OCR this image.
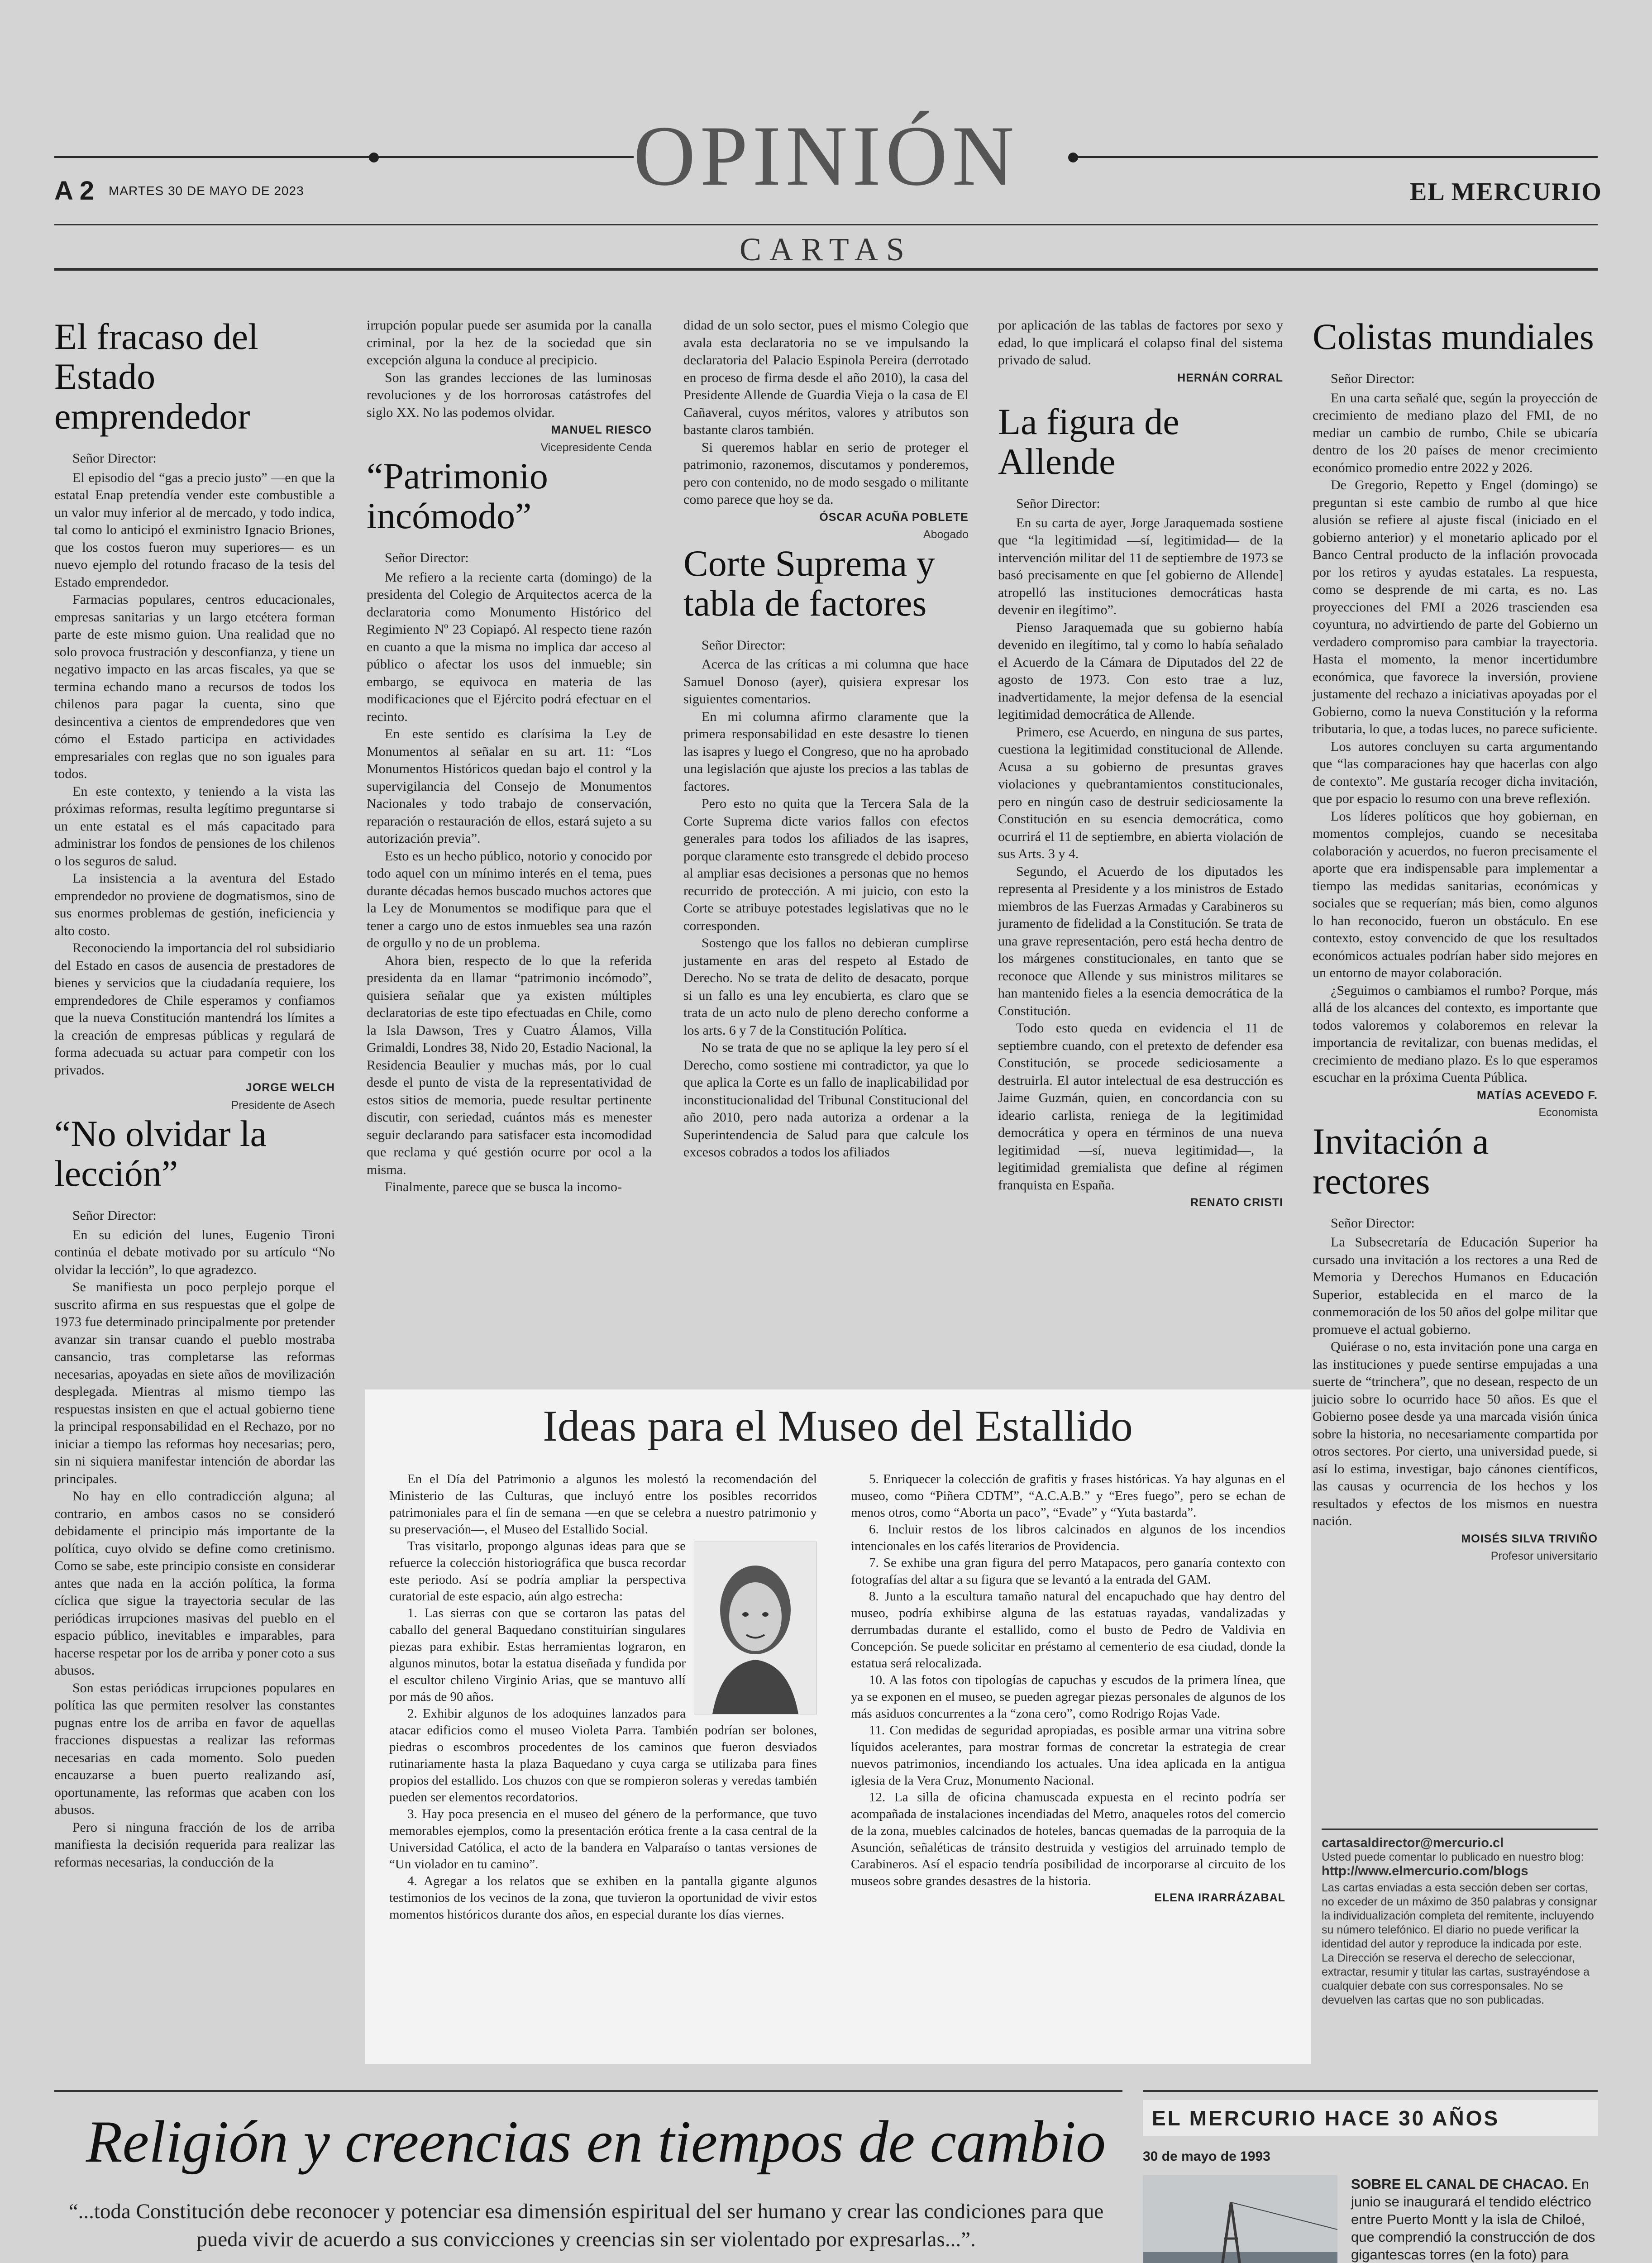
OPINIÓN
A 2 MARTES 30 DE MAYO DE 2023	EL MERCURIO
CARTAS
El fracaso del Estado emprendedor

Señor Director:

El episodio del “gas a precio justo” —en que la estatal Enap pretendía vender este combustible a un valor muy inferior al de mercado, y todo indica, tal como lo anticipó el exministro Ignacio Briones, que los costos fueron muy superiores— es un nuevo ejemplo del rotundo fracaso de la tesis del Estado emprendedor.

Farmacias populares, centros educacionales, empresas sanitarias y un largo etcétera forman parte de este mismo guion. Una realidad que no solo provoca frustración y desconfianza, y tiene un negativo impacto en las arcas fiscales, ya que se termina echando mano a recursos de todos los chilenos para pagar la cuenta, sino que desincentiva a cientos de emprendedores que ven cómo el Estado participa en actividades empresariales con reglas que no son iguales para todos.

En este contexto, y teniendo a la vista las próximas reformas, resulta legítimo preguntarse si un ente estatal es el más capacitado para administrar los fondos de pensiones de los chilenos o los seguros de salud.

La insistencia a la aventura del Estado emprendedor no proviene de dogmatismos, sino de sus enormes problemas de gestión, ineficiencia y alto costo.

Reconociendo la importancia del rol subsidiario del Estado en casos de ausencia de prestadores de bienes y servicios que la ciudadanía requiere, los emprendedores de Chile esperamos y confiamos que la nueva Constitución mantendrá los límites a la creación de empresas públicas y regulará de forma adecuada su actuar para competir con los privados.

JORGE WELCH

Presidente de Asech

“No olvidar la lección”

Señor Director:

En su edición del lunes, Eugenio Tironi continúa el debate motivado por su artículo “No olvidar la lección”, lo que agradezco.

Se manifiesta un poco perplejo porque el suscrito afirma en sus respuestas que el golpe de 1973 fue determinado principalmente por pretender avanzar sin transar cuando el pueblo mostraba cansancio, tras completarse las reformas necesarias, apoyadas en siete años de movilización desplegada. Mientras al mismo tiempo las respuestas insisten en que el actual gobierno tiene la principal responsabilidad en el Rechazo, por no iniciar a tiempo las reformas hoy necesarias; pero, sin ni siquiera manifestar intención de abordar las principales.

No hay en ello contradicción alguna; al contrario, en ambos casos no se consideró debidamente el principio más importante de la política, cuyo olvido se define como cretinismo. Como se sabe, este principio consiste en considerar antes que nada en la acción política, la forma cíclica que sigue la trayectoria secular de las periódicas irrupciones masivas del pueblo en el espacio público, inevitables e imparables, para hacerse respetar por los de arriba y poner coto a sus abusos.

Son estas periódicas irrupciones populares en política las que permiten resolver las constantes pugnas entre los de arriba en favor de aquellas fracciones dispuestas a realizar las reformas necesarias en cada momento. Solo pueden encauzarse a buen puerto realizando así, oportunamente, las reformas que acaben con los abusos.

Pero si ninguna fracción de los de arriba manifiesta la decisión requerida para realizar las reformas necesarias, la conducción de la

irrupción popular puede ser asumida por la canalla criminal, por la hez de la sociedad que sin excepción alguna la conduce al precipicio.

Son las grandes lecciones de las luminosas revoluciones y de los horrorosas catástrofes del siglo XX. No las podemos olvidar.

MANUEL RIESCO

Vicepresidente Cenda

“Patrimonio incómodo”

Señor Director:

Me refiero a la reciente carta (domingo) de la presidenta del Colegio de Arquitectos acerca de la declaratoria como Monumento Histórico del Regimiento Nº 23 Copiapó. Al respecto tiene razón en cuanto a que la misma no implica dar acceso al público o afectar los usos del inmueble; sin embargo, se equivoca en materia de las modificaciones que el Ejército podrá efectuar en el recinto.

En este sentido es clarísima la Ley de Monumentos al señalar en su art. 11: “Los Monumentos Históricos quedan bajo el control y la supervigilancia del Consejo de Monumentos Nacionales y todo trabajo de conservación, reparación o restauración de ellos, estará sujeto a su autorización previa”.

Esto es un hecho público, notorio y conocido por todo aquel con un mínimo interés en el tema, pues durante décadas hemos buscado muchos actores que la Ley de Monumentos se modifique para que el tener a cargo uno de estos inmuebles sea una razón de orgullo y no de un problema.

Ahora bien, respecto de lo que la referida presidenta da en llamar “patrimonio incómodo”, quisiera señalar que ya existen múltiples declaratorias de este tipo efectuadas en Chile, como la Isla Dawson, Tres y Cuatro Álamos, Villa Grimaldi, Londres 38, Nido 20, Estadio Nacional, la Residencia Beaulier y muchas más, por lo cual desde el punto de vista de la representatividad de estos sitios de memoria, puede resultar pertinente discutir, con seriedad, cuántos más es menester seguir declarando para satisfacer esta incomodidad que reclama y qué gestión ocurre por ocol a la misma.

Finalmente, parece que se busca la incomo-

didad de un solo sector, pues el mismo Colegio que avala esta declaratoria no se ve impulsando la declaratoria del Palacio Espinola Pereira (derrotado en proceso de firma desde el año 2010), la casa del Presidente Allende de Guardia Vieja o la casa de El Cañaveral, cuyos méritos, valores y atributos son bastante claros también.

Si queremos hablar en serio de proteger el patrimonio, razonemos, discutamos y ponderemos, pero con contenido, no de modo sesgado o militante como parece que hoy se da.

ÓSCAR ACUÑA POBLETE

Abogado

Corte Suprema y tabla de factores

Señor Director:

Acerca de las críticas a mi columna que hace Samuel Donoso (ayer), quisiera expresar los siguientes comentarios.

En mi columna afirmo claramente que la primera responsabilidad en este desastre lo tienen las isapres y luego el Congreso, que no ha aprobado una legislación que ajuste los precios a las tablas de factores.

Pero esto no quita que la Tercera Sala de la Corte Suprema dicte varios fallos con efectos generales para todos los afiliados de las isapres, porque claramente esto transgrede el debido proceso al ampliar esas decisiones a personas que no hemos recurrido de protección. A mi juicio, con esto la Corte se atribuye potestades legislativas que no le corresponden.

Sostengo que los fallos no debieran cumplirse justamente en aras del respeto al Estado de Derecho. No se trata de delito de desacato, porque si un fallo es una ley encubierta, es claro que se trata de un acto nulo de pleno derecho conforme a los arts. 6 y 7 de la Constitución Política.

No se trata de que no se aplique la ley pero sí el Derecho, como sostiene mi contradictor, ya que lo que aplica la Corte es un fallo de inaplicabilidad por inconstitucionalidad del Tribunal Constitucional del año 2010, pero nada autoriza a ordenar a la Superintendencia de Salud para que calcule los excesos cobrados a todos los afiliados

por aplicación de las tablas de factores por sexo y edad, lo que implicará el colapso final del sistema privado de salud.

HERNÁN CORRAL

La figura de Allende

Señor Director:

En su carta de ayer, Jorge Jaraquemada sostiene que “la legitimidad —sí, legitimidad— de la intervención militar del 11 de septiembre de 1973 se basó precisamente en que [el gobierno de Allende] atropelló las instituciones democráticas hasta devenir en ilegítimo”.

Pienso Jaraquemada que su gobierno había devenido en ilegítimo, tal y como lo había señalado el Acuerdo de la Cámara de Diputados del 22 de agosto de 1973. Con esto trae a luz, inadvertidamente, la mejor defensa de la esencial legitimidad democrática de Allende.

Primero, ese Acuerdo, en ninguna de sus partes, cuestiona la legitimidad constitucional de Allende. Acusa a su gobierno de presuntas graves violaciones y quebrantamientos constitucionales, pero en ningún caso de destruir sediciosamente la Constitución en su esencia democrática, como ocurrirá el 11 de septiembre, en abierta violación de sus Arts. 3 y 4.

Segundo, el Acuerdo de los diputados les representa al Presidente y a los ministros de Estado miembros de las Fuerzas Armadas y Carabineros su juramento de fidelidad a la Constitución. Se trata de una grave representación, pero está hecha dentro de los márgenes constitucionales, en tanto que se reconoce que Allende y sus ministros militares se han mantenido fieles a la esencia democrática de la Constitución.

Todo esto queda en evidencia el 11 de septiembre cuando, con el pretexto de defender esa Constitución, se procede sediciosamente a destruirla. El autor intelectual de esa destrucción es Jaime Guzmán, quien, en concordancia con su ideario carlista, reniega de la legitimidad democrática y opera en términos de una nueva legitimidad —sí, nueva legitimidad—, la legitimidad gremialista que define al régimen franquista en España.

RENATO CRISTI

Colistas mundiales

Señor Director:

En una carta señalé que, según la proyección de crecimiento de mediano plazo del FMI, de no mediar un cambio de rumbo, Chile se ubicaría dentro de los 20 países de menor crecimiento económico promedio entre 2022 y 2026.

De Gregorio, Repetto y Engel (domingo) se preguntan si este cambio de rumbo al que hice alusión se refiere al ajuste fiscal (iniciado en el gobierno anterior) y el monetario aplicado por el Banco Central producto de la inflación provocada por los retiros y ayudas estatales. La respuesta, como se desprende de mi carta, es no. Las proyecciones del FMI a 2026 trascienden esa coyuntura, no advirtiendo de parte del Gobierno un verdadero compromiso para cambiar la trayectoria. Hasta el momento, la menor incertidumbre económica, que favorece la inversión, proviene justamente del rechazo a iniciativas apoyadas por el Gobierno, como la nueva Constitución y la reforma tributaria, lo que, a todas luces, no parece suficiente.

Los autores concluyen su carta argumentando que “las comparaciones hay que hacerlas con algo de contexto”. Me gustaría recoger dicha invitación, que por espacio lo resumo con una breve reflexión.

Los líderes políticos que hoy gobiernan, en momentos complejos, cuando se necesitaba colaboración y acuerdos, no fueron precisamente el aporte que era indispensable para implementar a tiempo las medidas sanitarias, económicas y sociales que se requerían; más bien, como algunos lo han reconocido, fueron un obstáculo. En ese contexto, estoy convencido de que los resultados económicos actuales podrían haber sido mejores en un entorno de mayor colaboración.

¿Seguimos o cambiamos el rumbo? Porque, más allá de los alcances del contexto, es importante que todos valoremos y colaboremos en relevar la importancia de revitalizar, con buenas medidas, el crecimiento de mediano plazo. Es lo que esperamos escuchar en la próxima Cuenta Pública.

MATÍAS ACEVEDO F.

Economista

Invitación a rectores

Señor Director:

La Subsecretaría de Educación Superior ha cursado una invitación a los rectores a una Red de Memoria y Derechos Humanos en Educación Superior, establecida en el marco de la conmemoración de los 50 años del golpe militar que promueve el actual gobierno.

Quiérase o no, esta invitación pone una carga en las instituciones y puede sentirse empujadas a una suerte de “trinchera”, que no desean, respecto de un juicio sobre lo ocurrido hace 50 años. Es que el Gobierno posee desde ya una marcada visión única sobre la historia, no necesariamente compartida por otros sectores. Por cierto, una universidad puede, si así lo estima, investigar, bajo cánones científicos, las causas y ocurrencia de los hechos y los resultados y efectos de los mismos en nuestra nación.

MOISÉS SILVA TRIVIÑO

Profesor universitario

cartasaldirector@mercurio.cl
Usted puede comentar lo publicado en nuestro blog:
http://www.elmercurio.com/blogs
Las cartas enviadas a esta sección deben ser cortas, no exceder de un máximo de 350 palabras y consignar la individualización completa del remitente, incluyendo su número telefónico. El diario no puede verificar la identidad del autor y reproduce la indicada por este. La Dirección se reserva el derecho de seleccionar, extractar, resumir y titular las cartas, sustrayéndose a cualquier debate con sus corresponsales. No se devuelven las cartas que no son publicadas.
Ideas para el Museo del Estallido

En el Día del Patrimonio a algunos les molestó la recomendación del Ministerio de las Culturas, que incluyó entre los posibles recorridos patrimoniales para el fin de semana —en que se celebra a nuestro patrimonio y su preservación—, el Museo del Estallido Social.

Tras visitarlo, propongo algunas ideas para que se refuerce la colección historiográfica que busca recordar este periodo. Así se podría ampliar la perspectiva curatorial de este espacio, aún algo estrecha:

1. Las sierras con que se cortaron las patas del caballo del general Baquedano constituirían singulares piezas para exhibir. Estas herramientas lograron, en algunos minutos, botar la estatua diseñada y fundida por el escultor chileno Virginio Arias, que se mantuvo allí por más de 90 años.

2. Exhibir algunos de los adoquines lanzados para atacar edificios como el museo Violeta Parra. También podrían ser bolones, piedras o escombros procedentes de los caminos que fueron desviados rutinariamente hasta la plaza Baquedano y cuya carga se utilizaba para fines propios del estallido. Los chuzos con que se rompieron soleras y veredas también pueden ser elementos recordatorios.

3. Hay poca presencia en el museo del género de la performance, que tuvo memorables ejemplos, como la presentación erótica frente a la casa central de la Universidad Católica, el acto de la bandera en Valparaíso o tantas versiones de “Un violador en tu camino”.

4. Agregar a los relatos que se exhiben en la pantalla gigante algunos testimonios de los vecinos de la zona, que tuvieron la oportunidad de vivir estos momentos históricos durante dos años, en especial durante los días viernes.

5. Enriquecer la colección de grafitis y frases históricas. Ya hay algunas en el museo, como “Piñera CDTM”, “A.C.A.B.” y “Eres fuego”, pero se echan de menos otros, como “Aborta un paco”, “Evade” y “Yuta bastarda”.

6. Incluir restos de los libros calcinados en algunos de los incendios intencionales en los cafés literarios de Providencia.

7. Se exhibe una gran figura del perro Matapacos, pero ganaría contexto con fotografías del altar a su figura que se levantó a la entrada del GAM.

8. Junto a la escultura tamaño natural del encapuchado que hay dentro del museo, podría exhibirse alguna de las estatuas rayadas, vandalizadas y derrumbadas durante el estallido, como el busto de Pedro de Valdivia en Concepción. Se puede solicitar en préstamo al cementerio de esa ciudad, donde la estatua será relocalizada.

10. A las fotos con tipologías de capuchas y escudos de la primera línea, que ya se exponen en el museo, se pueden agregar piezas personales de algunos de los más asiduos concurrentes a la “zona cero”, como Rodrigo Rojas Vade.

11. Con medidas de seguridad apropiadas, es posible armar una vitrina sobre líquidos acelerantes, para mostrar formas de concretar la estrategia de crear nuevos patrimonios, incendiando los actuales. Una idea aplicada en la antigua iglesia de la Vera Cruz, Monumento Nacional.

12. La silla de oficina chamuscada expuesta en el recinto podría ser acompañada de instalaciones incendiadas del Metro, anaqueles rotos del comercio de la zona, muebles calcinados de hoteles, bancas quemadas de la parroquia de la Asunción, señaléticas de tránsito destruida y vestigios del arruinado templo de Carabineros. Así el espacio tendría posibilidad de incorporarse al circuito de los museos sobre grandes desastres de la historia.

ELENA IRARRÁZABAL

Religión y creencias en tiempos de cambio
“...toda Constitución debe reconocer y potenciar esa dimensión espiritual del ser humano y crear las condiciones para que pueda vivir de acuerdo a sus convicciones y creencias sin ser violentado por expresarlas...”.

EL MERCURIO HACE 30 AÑOS
30 de mayo de 1993

SOBRE EL CANAL DE CHACAO. En junio se inaugurará el tendido eléctrico entre Puerto Montt y la isla de Chiloé, que comprendió la construcción de dos gigantescas torres (en la foto) para
